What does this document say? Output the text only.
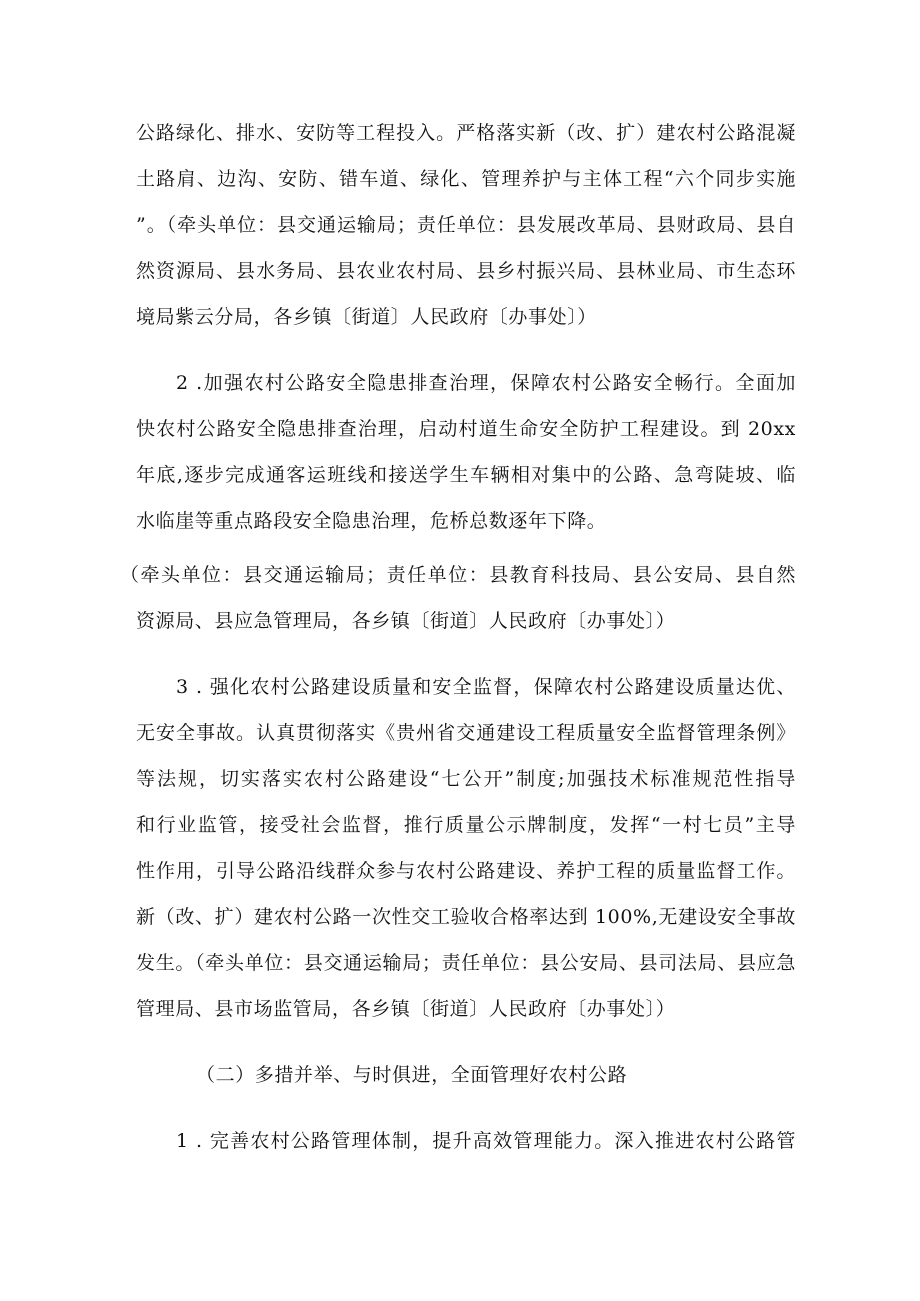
公路绿化、排水、安防等工程投入。严格落实新（改、扩）建农村公路混凝
土路肩、边沟、安防、错车道、绿化、管理养护与主体工程“六个同步实施
”。（牵头单位：县交通运输局；责任单位：县发展改革局、县财政局、县自
然资源局、县水务局、县农业农村局、县乡村振兴局、县林业局、市生态环
境局紫云分局，各乡镇〔街道〕人民政府〔办事处〕）
2 .加强农村公路安全隐患排查治理，保障农村公路安全畅行。全面加
快农村公路安全隐患排查治理，启动村道生命安全防护工程建设。到 20xx
年底,逐步完成通客运班线和接送学生车辆相对集中的公路、急弯陡坡、临
水临崖等重点路段安全隐患治理，危桥总数逐年下降。
（牵头单位：县交通运输局；责任单位：县教育科技局、县公安局、县自然
资源局、县应急管理局，各乡镇〔街道〕人民政府〔办事处〕）
3 . 强化农村公路建设质量和安全监督，保障农村公路建设质量达优、
无安全事故。认真贯彻落实《贵州省交通建设工程质量安全监督管理条例》
等法规，切实落实农村公路建设“七公开”制度;加强技术标准规范性指导
和行业监管，接受社会监督，推行质量公示牌制度，发挥“一村七员”主导
性作用，引导公路沿线群众参与农村公路建设、养护工程的质量监督工作。
新（改、扩）建农村公路一次性交工验收合格率达到 100%,无建设安全事故
发生。（牵头单位：县交通运输局；责任单位：县公安局、县司法局、县应急
管理局、县市场监管局，各乡镇〔街道〕人民政府〔办事处〕）
（二）多措并举、与时俱进，全面管理好农村公路
1 . 完善农村公路管理体制，提升高效管理能力。深入推进农村公路管
